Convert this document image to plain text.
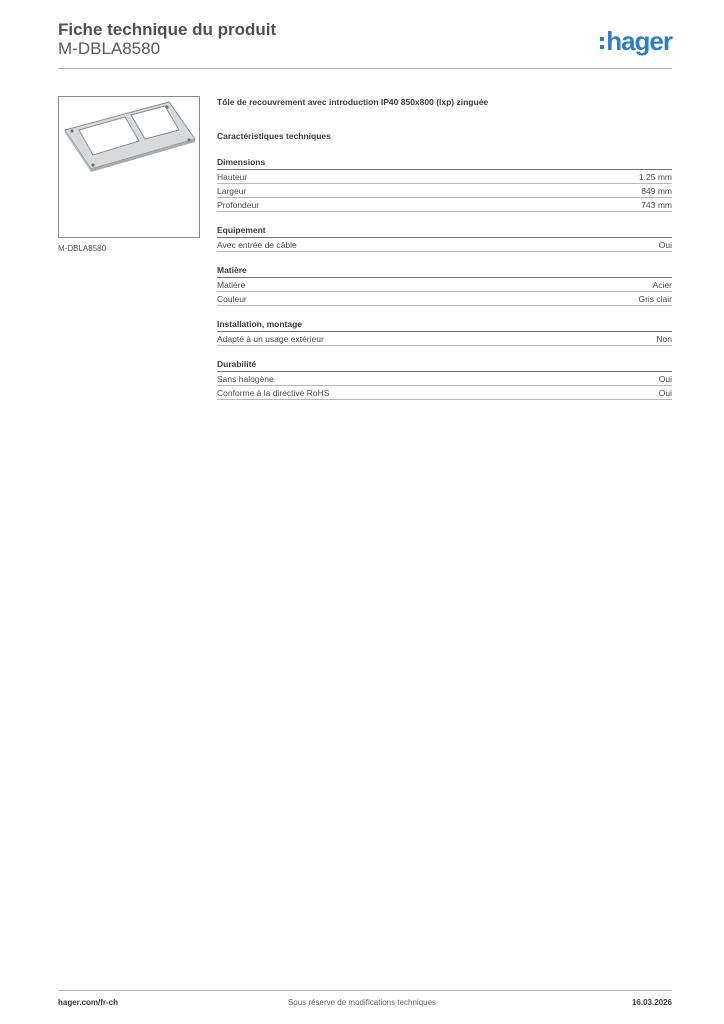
Fiche technique du produit
M-DBLA8580	hager
M-DBLA8580
Tôle de recouvrement avec introduction IP40 850x800 (lxp) zinguée
Caractéristiques techniques
Dimensions
Hauteur	1.25 mm
Largeur	849 mm
Profondeur	743 mm
Equipement
Avec entrée de câble	Oui
Matière
Matière	Acier
Couleur	Gris clair
Installation, montage
Adapté à un usage extérieur	Non
Durabilité
Sans halogène	Oui
Conforme à la directive RoHS	Oui
hager.com/fr-ch	Sous réserve de modifications techniques	16.03.2026
